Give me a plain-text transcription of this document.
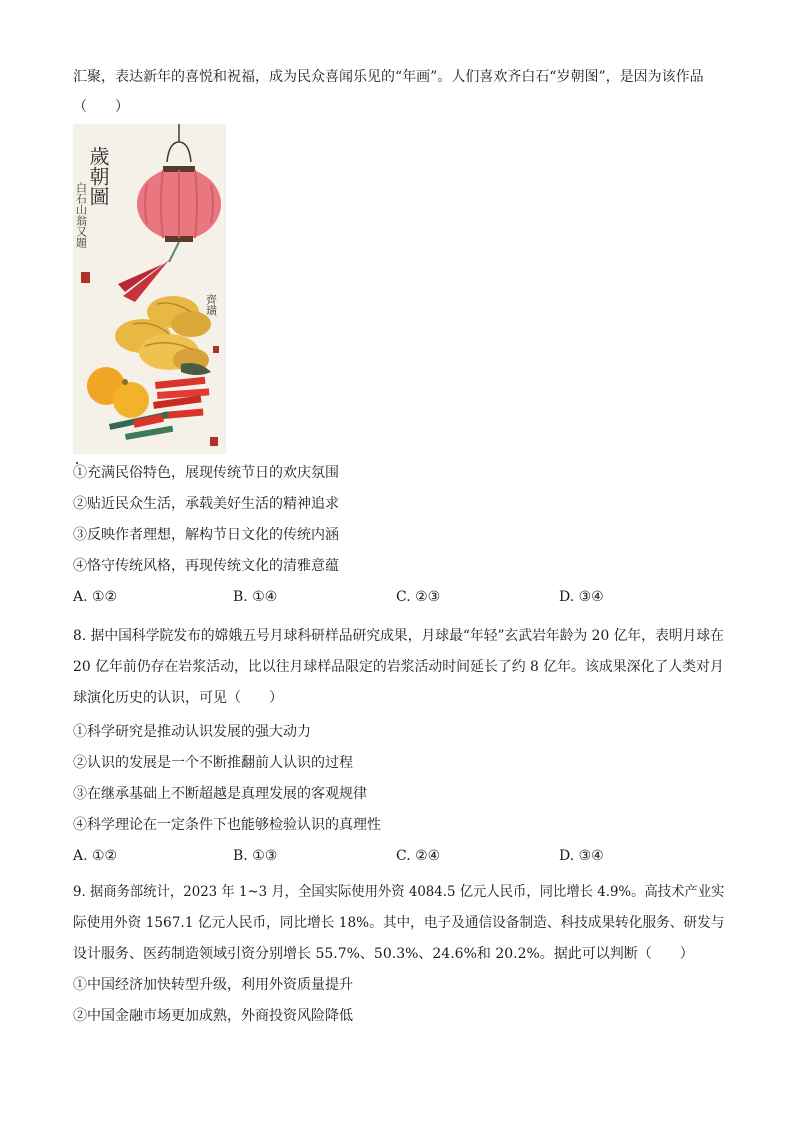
汇聚，表达新年的喜悦和祝福，成为民众喜闻乐见的“年画”。人们喜欢齐白石“岁朝图”，是因为该作品
（　　）
歲朝圖
白石山翁又題
齊璜
①充满民俗特色，展现传统节日的欢庆氛围
②贴近民众生活，承载美好生活的精神追求
③反映作者理想，解构节日文化的传统内涵
④恪守传统风格，再现传统文化的清雅意蕴
A. ①②	B. ①④	C. ②③	D. ③④
8. 据中国科学院发布的嫦娥五号月球科研样品研究成果，月球最“年轻”玄武岩年龄为 20 亿年，表明月球在
20 亿年前仍存在岩浆活动，比以往月球样品限定的岩浆活动时间延长了约 8 亿年。该成果深化了人类对月
球演化历史的认识，可见（　　）
①科学研究是推动认识发展的强大动力
②认识的发展是一个不断推翻前人认识的过程
③在继承基础上不断超越是真理发展的客观规律
④科学理论在一定条件下也能够检验认识的真理性
A. ①②	B. ①③	C. ②④	D. ③④
9. 据商务部统计，2023 年 1~3 月，全国实际使用外资 4084.5 亿元人民币，同比增长 4.9%。高技术产业实
际使用外资 1567.1 亿元人民币，同比增长 18%。其中，电子及通信设备制造、科技成果转化服务、研发与
设计服务、医药制造领域引资分别增长 55.7%、50.3%、24.6%和 20.2%。据此可以判断（　　）
①中国经济加快转型升级，利用外资质量提升
②中国金融市场更加成熟，外商投资风险降低
